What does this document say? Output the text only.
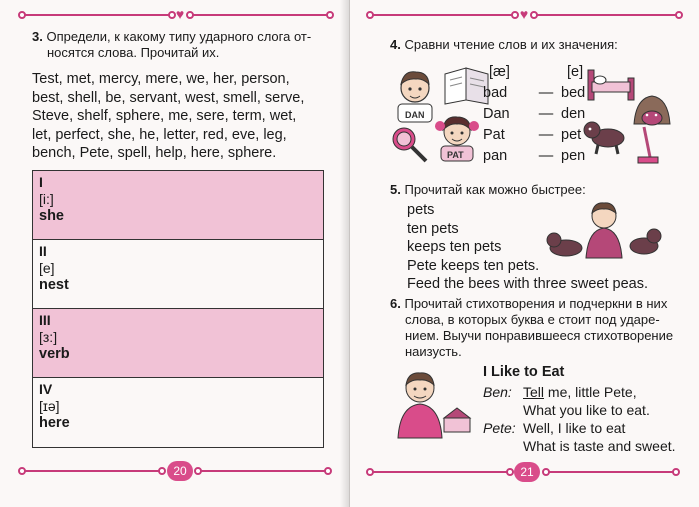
♥
3. Определи, к какому типу ударного слога от-
носятся слова. Прочитай их.
Test, met, mercy, mere, we, her, person,
best, shell, be, servant, west, smell, serve,
Steve, shelf, sphere, me, sere, term, wet,
let, perfect, she, he, letter, red, eve, leg,
bench, Pete, spell, help, here, sphere.
I
[i:]
she
II
[e]
nest
III
[з:]
verb
IV
[ɪə]
here
20
♥
4. Сравни чтение слов и их значения:
DAN
PAT
[æ]	[e]
bad	— bed
Dan	— den
Pat	— pet
pan	— pen
5. Прочитай как можно быстрее:
pets
ten pets
keeps ten pets
Pete keeps ten pets.
Feed the bees with three sweet peas.
6. Прочитай стихотворения и подчеркни в них
слова, в которых буква е стоит под ударе-
нием. Выучи понравившееся стихотворение
наизусть.
I Like to Eat
Ben: Tell me, little Pete,
What you like to eat.
Pete: Well, I like to eat
What is taste and sweet.
21
